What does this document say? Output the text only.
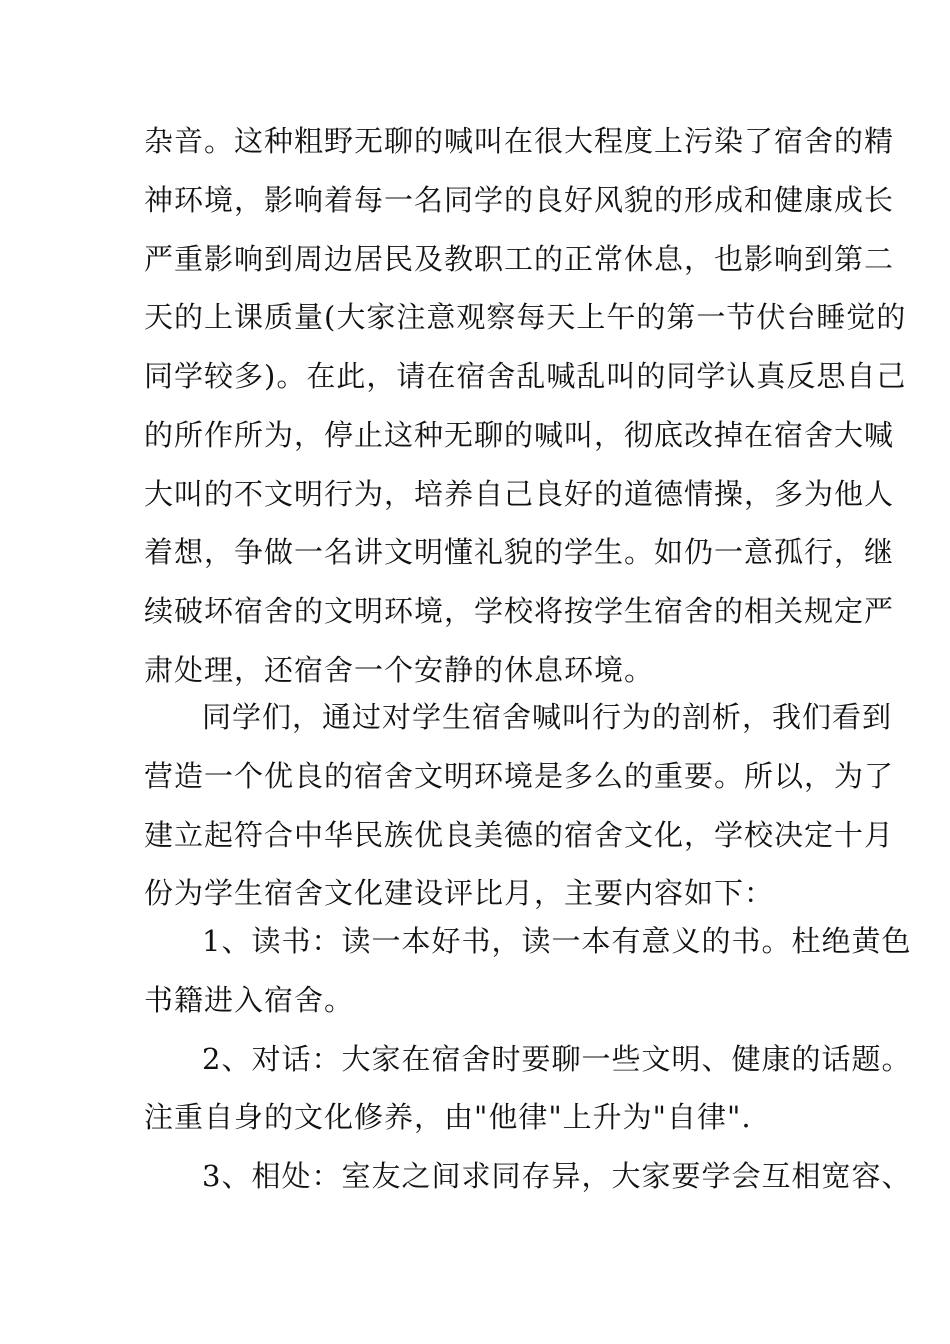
杂音。这种粗野无聊的喊叫在很大程度上污染了宿舍的精
神环境，影响着每一名同学的良好风貌的形成和健康成长
严重影响到周边居民及教职工的正常休息，也影响到第二
天的上课质量(大家注意观察每天上午的第一节伏台睡觉的
同学较多)。在此，请在宿舍乱喊乱叫的同学认真反思自己
的所作所为，停止这种无聊的喊叫，彻底改掉在宿舍大喊
大叫的不文明行为，培养自己良好的道德情操，多为他人
着想，争做一名讲文明懂礼貌的学生。如仍一意孤行，继
续破坏宿舍的文明环境，学校将按学生宿舍的相关规定严
肃处理，还宿舍一个安静的休息环境。
同学们，通过对学生宿舍喊叫行为的剖析，我们看到
营造一个优良的宿舍文明环境是多么的重要。所以，为了
建立起符合中华民族优良美德的宿舍文化，学校决定十月
份为学生宿舍文化建设评比月，主要内容如下：
1、读书：读一本好书，读一本有意义的书。杜绝黄色
书籍进入宿舍。
2、对话：大家在宿舍时要聊一些文明、健康的话题。
注重自身的文化修养，由"他律"上升为"自律".
3、相处：室友之间求同存异，大家要学会互相宽容、
